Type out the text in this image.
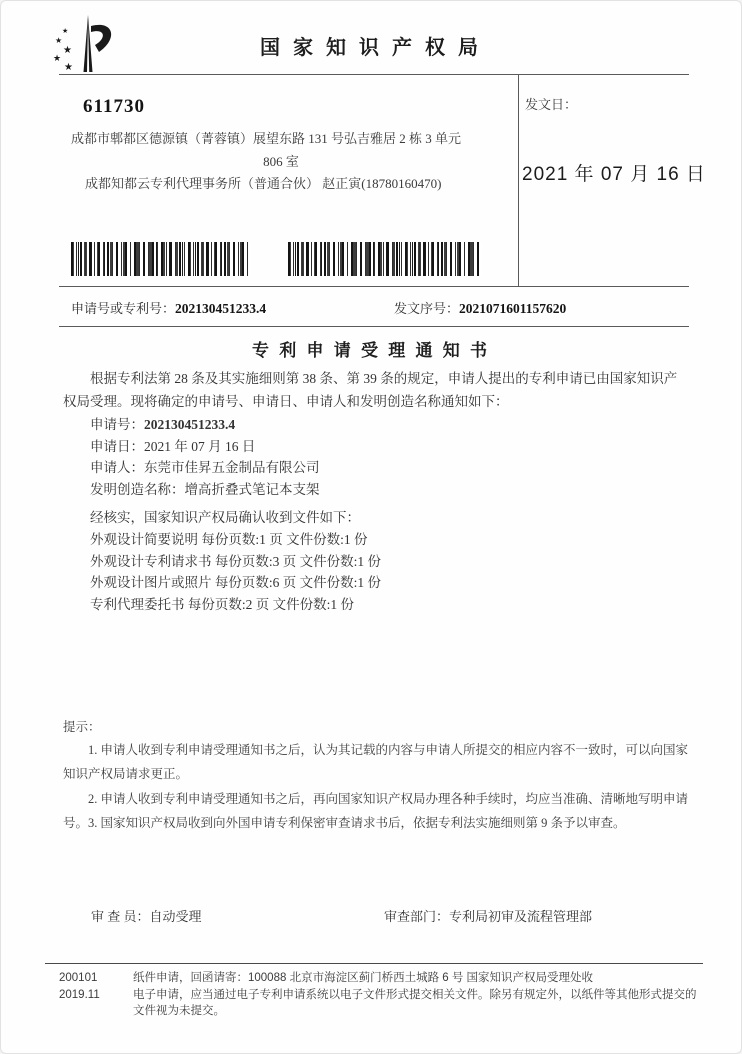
★
★
★
★
★
国 家 知 识 产 权 局
611730
成都市郫都区德源镇（菁蓉镇）展望东路 131 号弘吉雅居 2 栋 3 单元
806 室
成都知都云专利代理事务所（普通合伙） 赵正寅(18780160470)
发文日：
2021 年 07 月 16 日
申请号或专利号：202130451233.4	发文序号：2021071601157620
专 利 申 请 受 理 通 知 书
根据专利法第 28 条及其实施细则第 38 条、第 39 条的规定，申请人提出的专利申请已由国家知识产权局受理。现将确定的申请号、申请日、申请人和发明创造名称通知如下：
申请号：202130451233.4
申请日：2021 年 07 月 16 日
申请人：东莞市佳昇五金制品有限公司
发明创造名称：增高折叠式笔记本支架
经核实，国家知识产权局确认收到文件如下：
外观设计简要说明 每份页数:1 页 文件份数:1 份
外观设计专利请求书 每份页数:3 页 文件份数:1 份
外观设计图片或照片 每份页数:6 页 文件份数:1 份
专利代理委托书 每份页数:2 页 文件份数:1 份
提示：
1. 申请人收到专利申请受理通知书之后，认为其记载的内容与申请人所提交的相应内容不一致时，可以向国家知识产权局请求更正。
2. 申请人收到专利申请受理通知书之后，再向国家知识产权局办理各种手续时，均应当准确、清晰地写明申请号。 3. 国家知识产权局收到向外国申请专利保密审查请求书后，依据专利法实施细则第 9 条予以审查。
审 查 员：自动受理	审查部门：专利局初审及流程管理部
200101
2019.11
纸件申请，回函请寄：100088 北京市海淀区蓟门桥西土城路 6 号 国家知识产权局受理处收
电子申请，应当通过电子专利申请系统以电子文件形式提交相关文件。除另有规定外，以纸件等其他形式提交的文件视为未提交。
